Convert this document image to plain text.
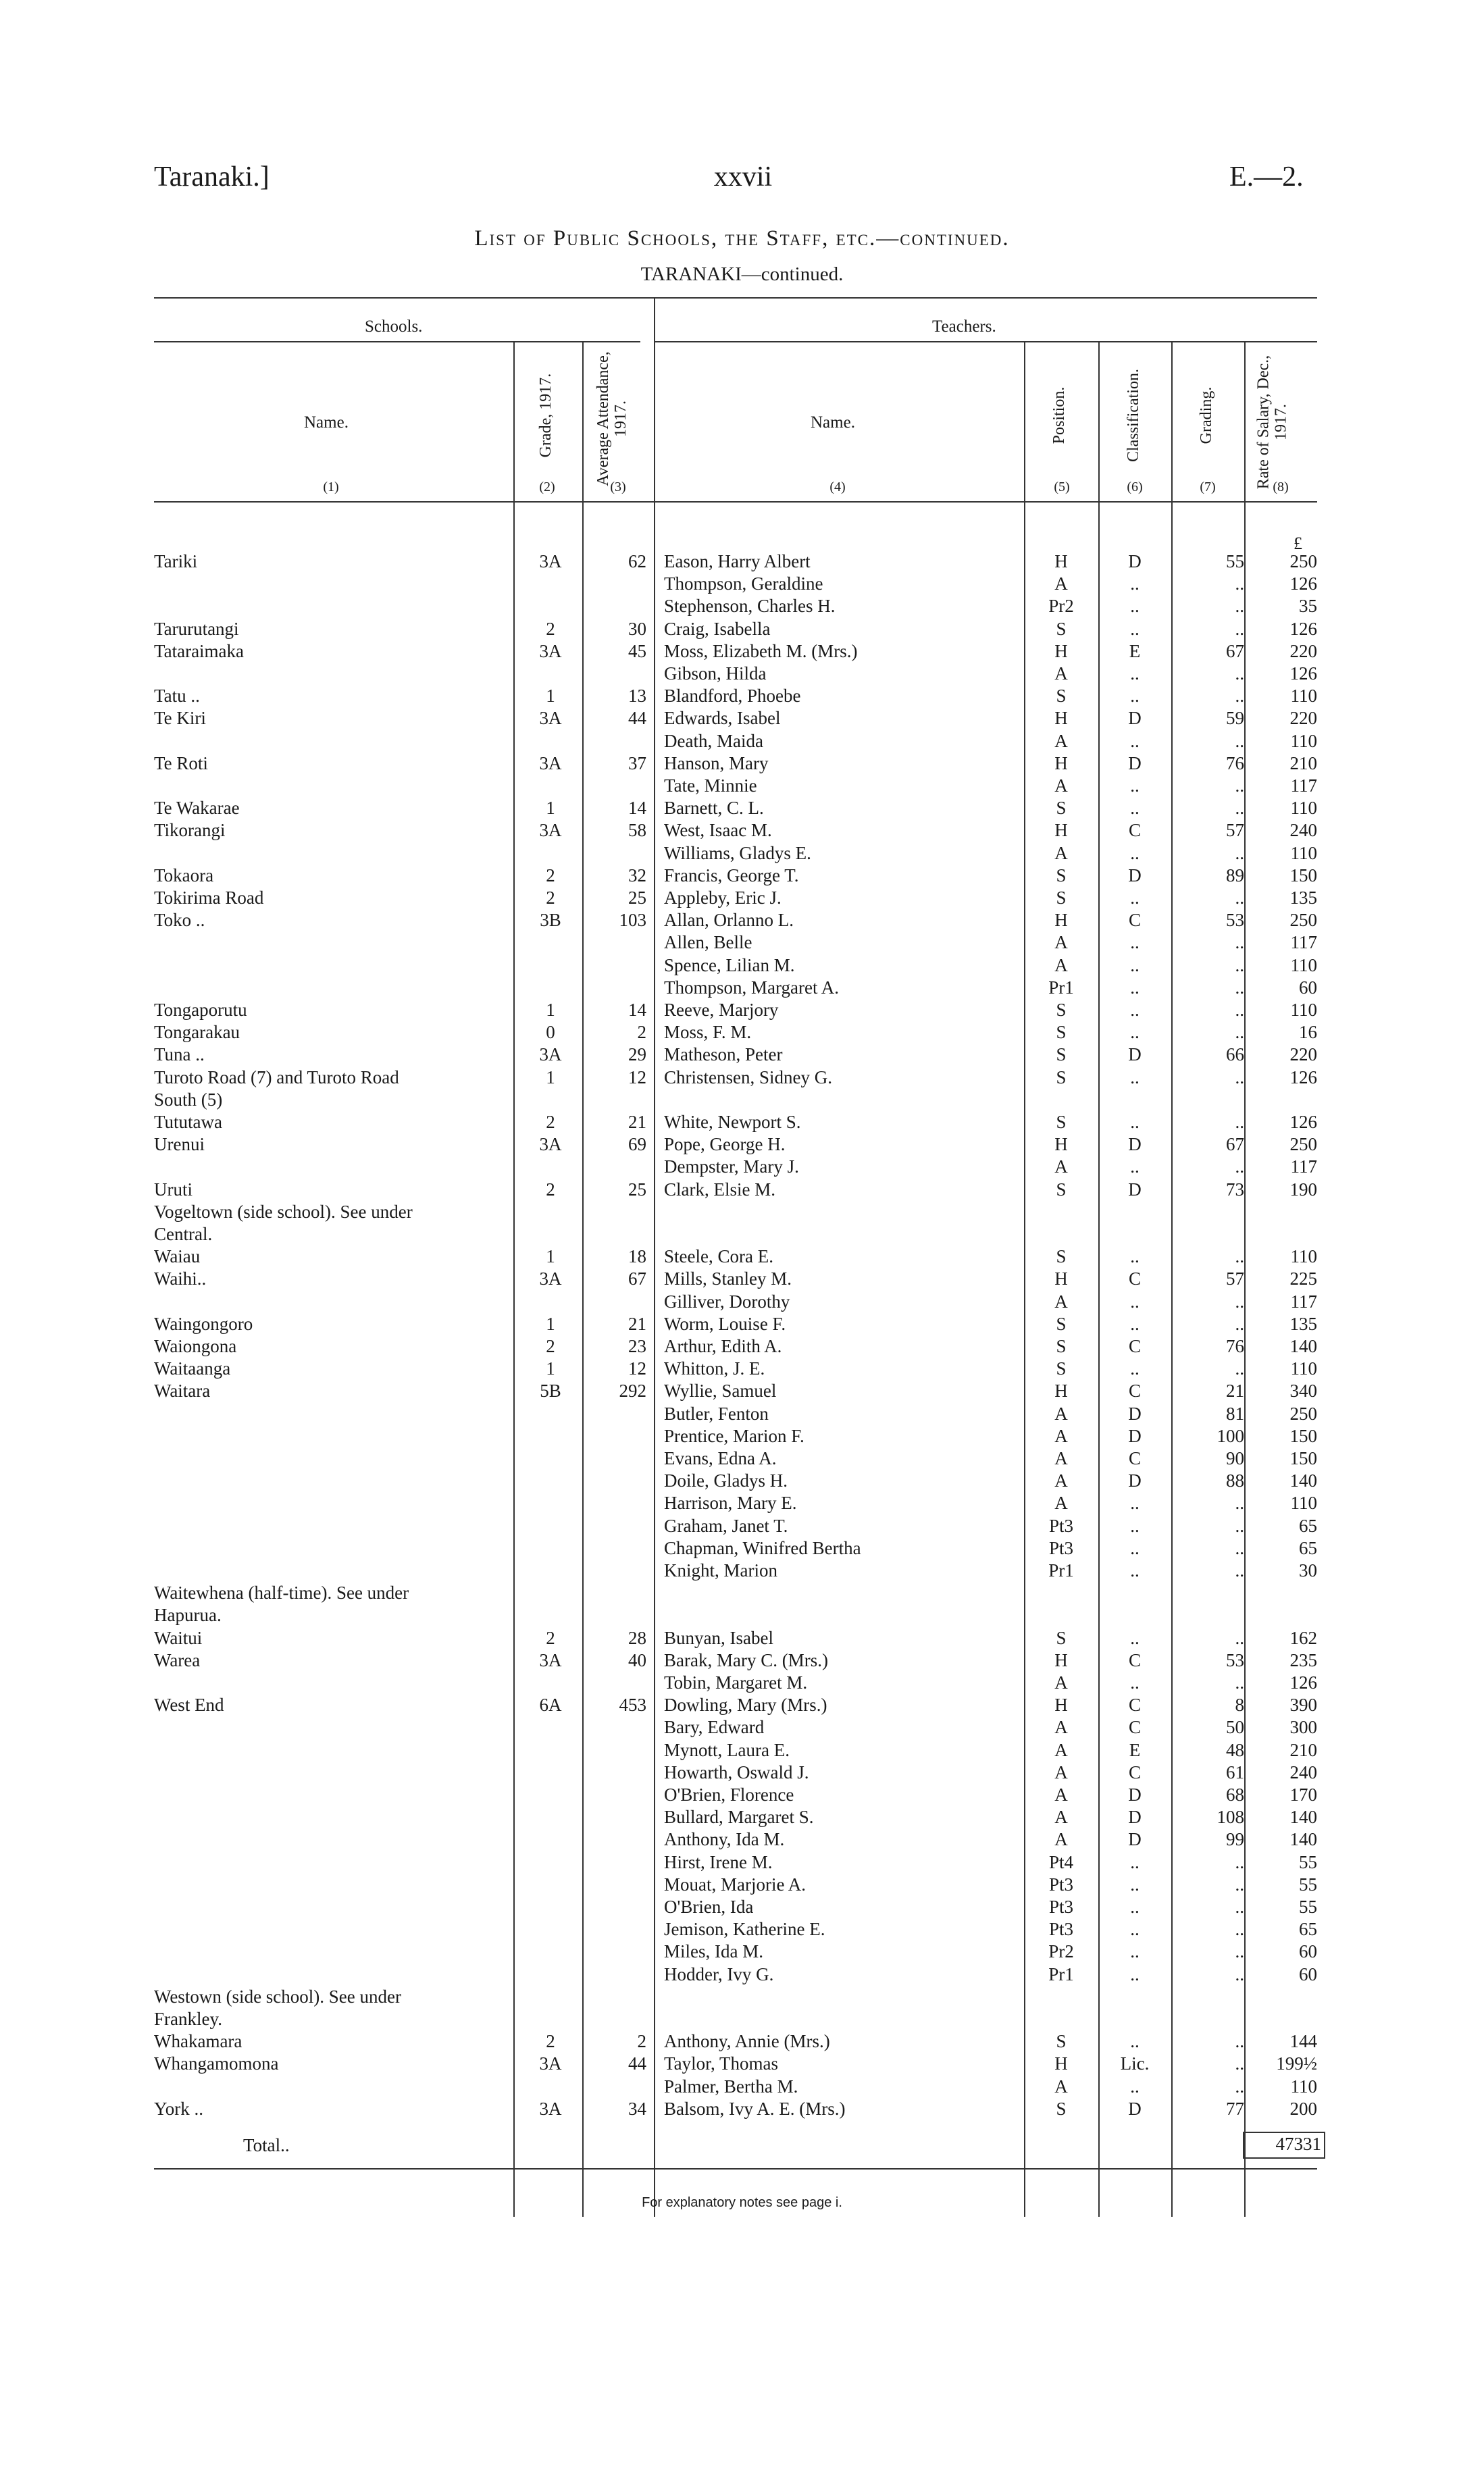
Taranaki.]	xxvii	E.—2.
List of Public Schools, the Staff, etc.—continued.
TARANAKI—continued.
Schools.	Teachers.
Name.	Grade, 1917. Average Attendance, 1917.	Name.	Position.	Classification.	Grading. Rate of Salary, Dec., 1917.
(1)	(2)	(3)	(4)	(5)	(6)	(7)	(8)
£
Tariki	3A	62 Eason, Harry Albert	H	D	55	250
Thompson, Geraldine	A	..	..	126
Stephenson, Charles H.	Pr2	..	..	35
Tarurutangi	2	30 Craig, Isabella	S	..	..	126
Tataraimaka	3A	45 Moss, Elizabeth M. (Mrs.)	H	E	67	220
Gibson, Hilda	A	..	..	126
Tatu ..	1	13 Blandford, Phoebe	S	..	..	110
Te Kiri	3A	44 Edwards, Isabel	H	D	59	220
Death, Maida	A	..	..	110
Te Roti	3A	37 Hanson, Mary	H	D	76	210
Tate, Minnie	A	..	..	117
Te Wakarae	1	14 Barnett, C. L.	S	..	..	110
Tikorangi	3A	58 West, Isaac M.	H	C	57	240
Williams, Gladys E.	A	..	..	110
Tokaora	2	32 Francis, George T.	S	D	89	150
Tokirima Road	2	25 Appleby, Eric J.	S	..	..	135
Toko ..	3B	103 Allan, Orlanno L.	H	C	53	250
Allen, Belle	A	..	..	117
Spence, Lilian M.	A	..	..	110
Thompson, Margaret A.	Pr1	..	..	60
Tongaporutu	1	14 Reeve, Marjory	S	..	..	110
Tongarakau	0	2 Moss, F. M.	S	..	..	16
Tuna ..	3A	29 Matheson, Peter	S	D	66	220
Turoto Road (7) and Turoto Road	1	12 Christensen, Sidney G.	S	..	..	126
South (5)
Tututawa	2	21 White, Newport S.	S	..	..	126
Urenui	3A	69 Pope, George H.	H	D	67	250
Dempster, Mary J.	A	..	..	117
Uruti	2	25 Clark, Elsie M.	S	D	73	190
Vogeltown (side school). See under
Central.
Waiau	1	18 Steele, Cora E.	S	..	..	110
Waihi..	3A	67 Mills, Stanley M.	H	C	57	225
Gilliver, Dorothy	A	..	..	117
Waingongoro	1	21 Worm, Louise F.	S	..	..	135
Waiongona	2	23 Arthur, Edith A.	S	C	76	140
Waitaanga	1	12 Whitton, J. E.	S	..	..	110
Waitara	5B	292 Wyllie, Samuel	H	C	21	340
Butler, Fenton	A	D	81	250
Prentice, Marion F.	A	D	100	150
Evans, Edna A.	A	C	90	150
Doile, Gladys H.	A	D	88	140
Harrison, Mary E.	A	..	..	110
Graham, Janet T.	Pt3	..	..	65
Chapman, Winifred Bertha	Pt3	..	..	65
Knight, Marion	Pr1	..	..	30
Waitewhena (half-time). See under
Hapurua.
Waitui	2	28 Bunyan, Isabel	S	..	..	162
Warea	3A	40 Barak, Mary C. (Mrs.)	H	C	53	235
Tobin, Margaret M.	A	..	..	126
West End	6A	453 Dowling, Mary (Mrs.)	H	C	8	390
Bary, Edward	A	C	50	300
Mynott, Laura E.	A	E	48	210
Howarth, Oswald J.	A	C	61	240
O'Brien, Florence	A	D	68	170
Bullard, Margaret S.	A	D	108	140
Anthony, Ida M.	A	D	99	140
Hirst, Irene M.	Pt4	..	..	55
Mouat, Marjorie A.	Pt3	..	..	55
O'Brien, Ida	Pt3	..	..	55
Jemison, Katherine E.	Pt3	..	..	65
Miles, Ida M.	Pr2	..	..	60
Hodder, Ivy G.	Pr1	..	..	60
Westown (side school). See under
Frankley.
Whakamara	2	2 Anthony, Annie (Mrs.)	S	..	..	144
Whangamomona	3A	44 Taylor, Thomas	H	Lic.	..	199½
Palmer, Bertha M.	A	..	..	110
York ..	3A	34 Balsom, Ivy A. E. (Mrs.)	S	D	77	200
Total..	47331
For explanatory notes see page i.
